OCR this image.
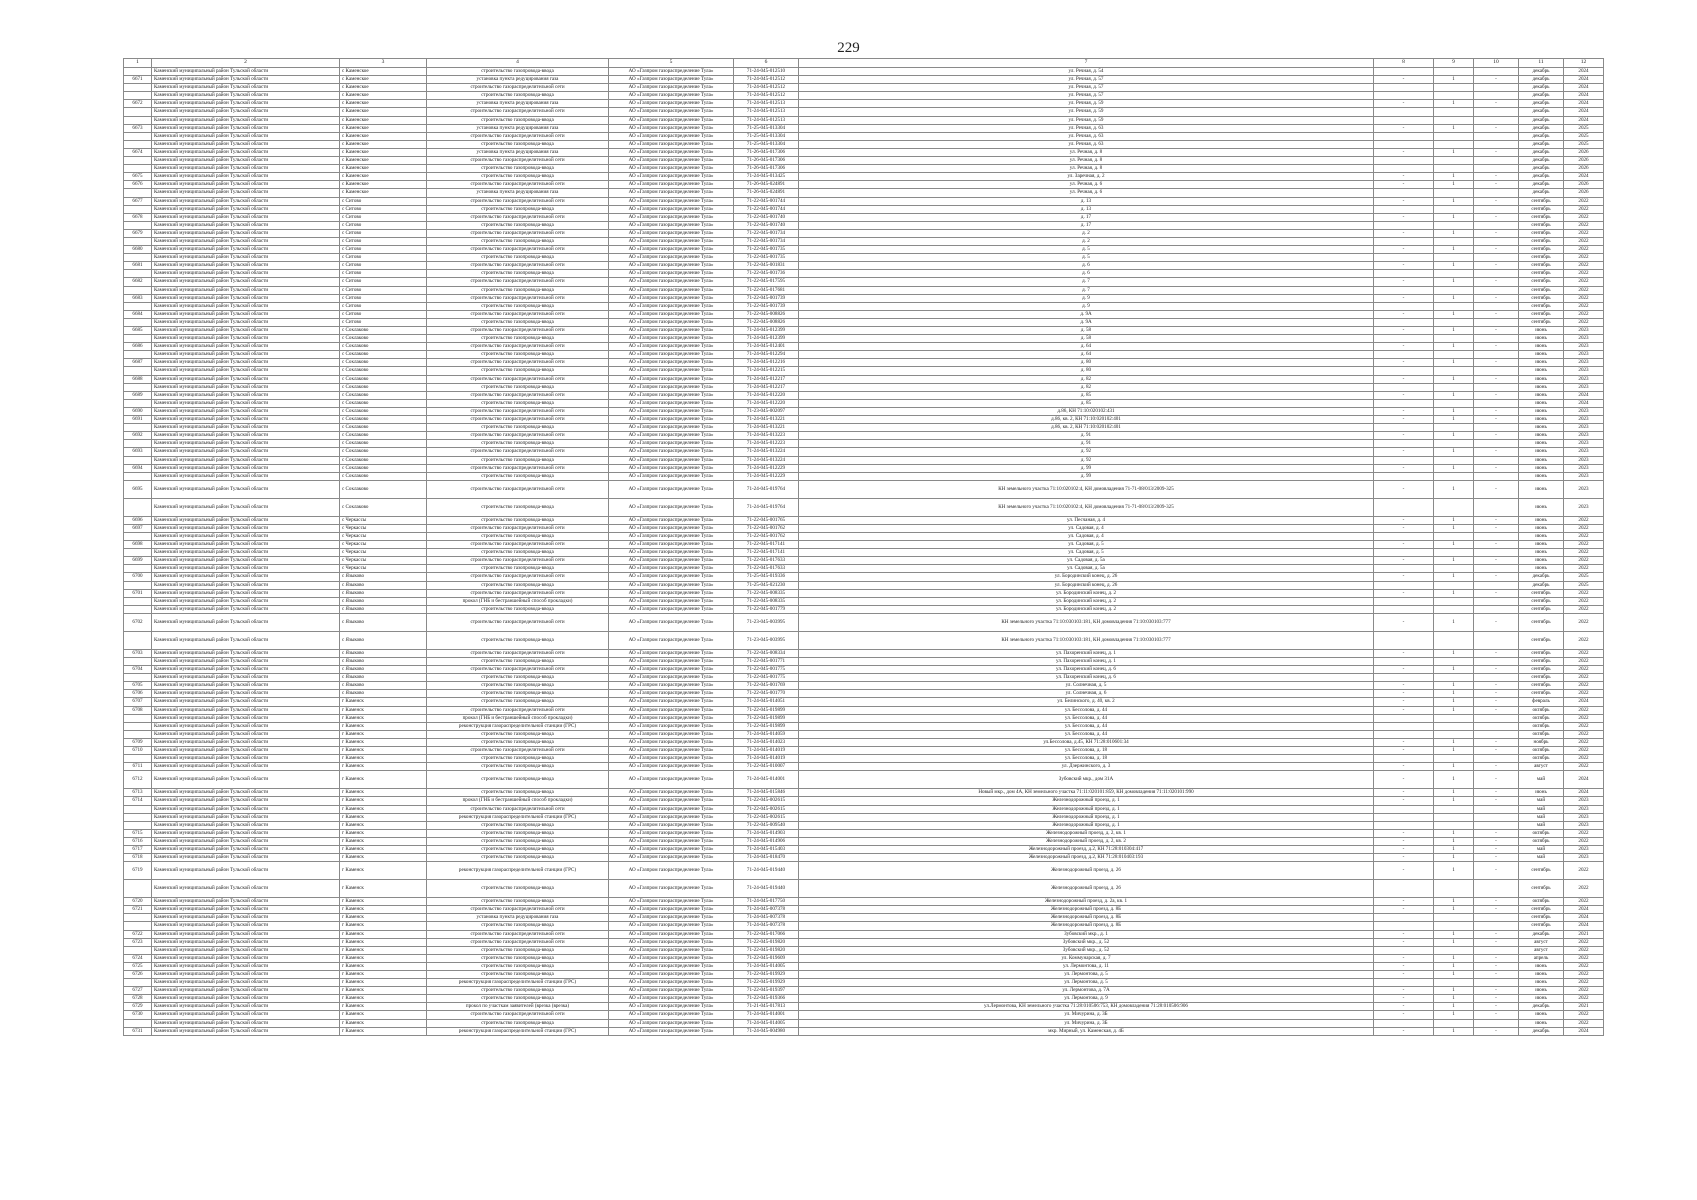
229
1	2	3	4	5	6	7	8	9	10	11	12
	Каменский муниципальный район Тульской области	с Каменское	строительство газопровода-ввода	АО «Газпром газораспределение Тула»	71-24-045-012510	ул. Речная, д. 54				декабрь	2024
6671	Каменский муниципальный район Тульской области	с Каменское	установка пункта редуцирования газа	АО «Газпром газораспределение Тула»	71-24-045-012512	ул. Речная, д. 57	-	1	-	декабрь	2024
	Каменский муниципальный район Тульской области	с Каменское	строительство газораспределительной сети	АО «Газпром газораспределение Тула»	71-24-045-012512	ул. Речная, д. 57				декабрь	2024
	Каменский муниципальный район Тульской области	с Каменское	строительство газопровода-ввода	АО «Газпром газораспределение Тула»	71-24-045-012512	ул. Речная, д. 57				декабрь	2024
6672	Каменский муниципальный район Тульской области	с Каменское	установка пункта редуцирования газа	АО «Газпром газораспределение Тула»	71-24-045-012513	ул. Речная, д. 59	-	1	-	декабрь	2024
	Каменский муниципальный район Тульской области	с Каменское	строительство газораспределительной сети	АО «Газпром газораспределение Тула»	71-24-045-012513	ул. Речная, д. 59				декабрь	2024
	Каменский муниципальный район Тульской области	с Каменское	строительство газопровода-ввода	АО «Газпром газораспределение Тула»	71-24-045-012513	ул. Речная, д. 59				декабрь	2024
6673	Каменский муниципальный район Тульской области	с Каменское	установка пункта редуцирования газа	АО «Газпром газораспределение Тула»	71-25-045-013304	ул. Речная, д. 63	-	1	-	декабрь	2025
	Каменский муниципальный район Тульской области	с Каменское	строительство газораспределительной сети	АО «Газпром газораспределение Тула»	71-25-045-013304	ул. Речная, д. 63				декабрь	2025
	Каменский муниципальный район Тульской области	с Каменское	строительство газопровода-ввода	АО «Газпром газораспределение Тула»	71-25-045-013304	ул. Речная, д. 63				декабрь	2025
6674	Каменский муниципальный район Тульской области	с Каменское	установка пункта редуцирования газа	АО «Газпром газораспределение Тула»	71-26-045-017306	ул. Речная, д. 8	-	1	-	декабрь	2026
	Каменский муниципальный район Тульской области	с Каменское	строительство газораспределительной сети	АО «Газпром газораспределение Тула»	71-26-045-017306	ул. Речная, д. 8				декабрь	2026
	Каменский муниципальный район Тульской области	с Каменское	строительство газопровода-ввода	АО «Газпром газораспределение Тула»	71-26-045-017306	ул. Речная, д. 8				декабрь	2026
6675	Каменский муниципальный район Тульской области	с Каменское	строительство газопровода-ввода	АО «Газпром газораспределение Тула»	71-24-045-013425	ул. Заречная, д. 2	-	1	-	декабрь	2024
6676	Каменский муниципальный район Тульской области	с Каменское	строительство газораспределительной сети	АО «Газпром газораспределение Тула»	71-26-045-024891	ул. Речная, д. 6	-	1	-	декабрь	2026
	Каменский муниципальный район Тульской области	с Каменское	установка пункта редуцирования газа	АО «Газпром газораспределение Тула»	71-26-045-024891	ул. Речная, д. 6				декабрь	2026
6677	Каменский муниципальный район Тульской области	с Ситово	строительство газораспределительной сети	АО «Газпром газораспределение Тула»	71-22-045-001744	д. 13	-	1	-	сентябрь	2022
	Каменский муниципальный район Тульской области	с Ситово	строительство газопровода-ввода	АО «Газпром газораспределение Тула»	71-22-045-001744	д. 13				сентябрь	2022
6678	Каменский муниципальный район Тульской области	с Ситово	строительство газораспределительной сети	АО «Газпром газораспределение Тула»	71-22-045-001740	д. 17	-	1	-	сентябрь	2022
	Каменский муниципальный район Тульской области	с Ситово	строительство газопровода-ввода	АО «Газпром газораспределение Тула»	71-22-045-001740	д. 17				сентябрь	2022
6679	Каменский муниципальный район Тульской области	с Ситово	строительство газораспределительной сети	АО «Газпром газораспределение Тула»	71-22-045-001734	д. 2	-	1	-	сентябрь	2022
	Каменский муниципальный район Тульской области	с Ситово	строительство газопровода-ввода	АО «Газпром газораспределение Тула»	71-22-045-001734	д. 2				сентябрь	2022
6680	Каменский муниципальный район Тульской области	с Ситово	строительство газораспределительной сети	АО «Газпром газораспределение Тула»	71-22-045-001735	д. 5	-	1	-	сентябрь	2022
	Каменский муниципальный район Тульской области	с Ситово	строительство газопровода-ввода	АО «Газпром газораспределение Тула»	71-22-045-001735	д. 5				сентябрь	2022
6681	Каменский муниципальный район Тульской области	с Ситово	строительство газораспределительной сети	АО «Газпром газораспределение Тула»	71-22-045-001831	д. 6	-	1	-	сентябрь	2022
	Каменский муниципальный район Тульской области	с Ситово	строительство газопровода-ввода	АО «Газпром газораспределение Тула»	71-22-045-001736	д. 6				сентябрь	2022
6682	Каменский муниципальный район Тульской области	с Ситово	строительство газораспределительной сети	АО «Газпром газораспределение Тула»	71-22-045-017595	д. 7	-	1	-	сентябрь	2022
	Каменский муниципальный район Тульской области	с Ситово	строительство газопровода-ввода	АО «Газпром газораспределение Тула»	71-22-045-017681	д. 7				сентябрь	2022
6683	Каменский муниципальный район Тульской области	с Ситово	строительство газораспределительной сети	АО «Газпром газораспределение Тула»	71-22-045-001739	д. 9	-	1	-	сентябрь	2022
	Каменский муниципальный район Тульской области	с Ситово	строительство газопровода-ввода	АО «Газпром газораспределение Тула»	71-22-045-001739	д. 9				сентябрь	2022
6684	Каменский муниципальный район Тульской области	с Ситово	строительство газораспределительной сети	АО «Газпром газораспределение Тула»	71-22-045-008826	д. 9А	-	1	-	сентябрь	2022
	Каменский муниципальный район Тульской области	с Ситово	строительство газопровода-ввода	АО «Газпром газораспределение Тула»	71-22-045-008826	д. 9А				сентябрь	2022
6685	Каменский муниципальный район Тульской области	с Соклаково	строительство газораспределительной сети	АО «Газпром газораспределение Тула»	71-24-045-012399	д. 58	-	1	-	июнь	2023
	Каменский муниципальный район Тульской области	с Соклаково	строительство газопровода-ввода	АО «Газпром газораспределение Тула»	71-24-045-012399	д. 58				июнь	2023
6686	Каменский муниципальный район Тульской области	с Соклаково	строительство газораспределительной сети	АО «Газпром газораспределение Тула»	71-24-045-012401	д. 64	-	1	-	июнь	2023
	Каменский муниципальный район Тульской области	с Соклаково	строительство газопровода-ввода	АО «Газпром газораспределение Тула»	71-24-045-012294	д. 64				июнь	2023
6687	Каменский муниципальный район Тульской области	с Соклаково	строительство газораспределительной сети	АО «Газпром газораспределение Тула»	71-24-045-012216	д. 80	-	1	-	июнь	2023
	Каменский муниципальный район Тульской области	с Соклаково	строительство газопровода-ввода	АО «Газпром газораспределение Тула»	71-24-045-012215	д. 80				июнь	2023
6688	Каменский муниципальный район Тульской области	с Соклаково	строительство газораспределительной сети	АО «Газпром газораспределение Тула»	71-24-045-012217	д. 82	-	1	-	июнь	2023
	Каменский муниципальный район Тульской области	с Соклаково	строительство газопровода-ввода	АО «Газпром газораспределение Тула»	71-24-045-012217	д. 82				июнь	2023
6689	Каменский муниципальный район Тульской области	с Соклаково	строительство газораспределительной сети	АО «Газпром газораспределение Тула»	71-24-045-012220	д. 85	-	1	-	июнь	2024
	Каменский муниципальный район Тульской области	с Соклаково	строительство газопровода-ввода	АО «Газпром газораспределение Тула»	71-24-045-012220	д. 85				июнь	2024
6690	Каменский муниципальный район Тульской области	с Соклаково	строительство газораспределительной сети	АО «Газпром газораспределение Тула»	71-23-045-002097	д.86, КН 71:10:020102:431	-	1	-	июнь	2023
6691	Каменский муниципальный район Тульской области	с Соклаково	строительство газораспределительной сети	АО «Газпром газораспределение Тула»	71-24-045-013221	д.86, кв. 2, КН 71:10:020102:401	-	1	-	июнь	2023
	Каменский муниципальный район Тульской области	с Соклаково	строительство газопровода-ввода	АО «Газпром газораспределение Тула»	71-24-045-013221	д.86, кв. 2, КН 71:10:020102:401				июнь	2023
6692	Каменский муниципальный район Тульской области	с Соклаково	строительство газораспределительной сети	АО «Газпром газораспределение Тула»	71-24-045-013223	д. 91	-	1	-	июнь	2023
	Каменский муниципальный район Тульской области	с Соклаково	строительство газопровода-ввода	АО «Газпром газораспределение Тула»	71-24-045-012223	д. 91				июнь	2023
6693	Каменский муниципальный район Тульской области	с Соклаково	строительство газораспределительной сети	АО «Газпром газораспределение Тула»	71-24-045-013224	д. 92	-	1	-	июнь	2023
	Каменский муниципальный район Тульской области	с Соклаково	строительство газопровода-ввода	АО «Газпром газораспределение Тула»	71-24-045-013224	д. 92				июнь	2023
6694	Каменский муниципальный район Тульской области	с Соклаково	строительство газораспределительной сети	АО «Газпром газораспределение Тула»	71-24-045-012229	д. 99	-	1	-	июнь	2023
	Каменский муниципальный район Тульской области	с Соклаково	строительство газопровода-ввода	АО «Газпром газораспределение Тула»	71-24-045-012229	д. 99				июнь	2023
6695	Каменский муниципальный район Тульской области	с Соклаково	строительство газораспределительной сети	АО «Газпром газораспределение Тула»	71-24-045-019764	КН земельного участка 71:10:020102:4, КН домовладения 71-71-08/013/2009-325	-	1	-	июнь	2023
	Каменский муниципальный район Тульской области	с Соклаково	строительство газопровода-ввода	АО «Газпром газораспределение Тула»	71-24-045-019764	КН земельного участка 71:10:020102:4, КН домовладения 71-71-08/013/2009-325				июнь	2023
6696	Каменский муниципальный район Тульской области	с Черкассы	строительство газопровода-ввода	АО «Газпром газораспределение Тула»	71-22-045-001765	ул. Песчаная, д. 4	-	1	-	июнь	2022
6697	Каменский муниципальный район Тульской области	с Черкассы	строительство газораспределительной сети	АО «Газпром газораспределение Тула»	71-22-045-001762	ул. Садовая, д. 4	-	1	-	июнь	2022
	Каменский муниципальный район Тульской области	с Черкассы	строительство газопровода-ввода	АО «Газпром газораспределение Тула»	71-22-045-001762	ул. Садовая, д. 4				июнь	2022
6698	Каменский муниципальный район Тульской области	с Черкассы	строительство газораспределительной сети	АО «Газпром газораспределение Тула»	71-22-045-017141	ул. Садовая, д. 5	-	1	-	июнь	2022
	Каменский муниципальный район Тульской области	с Черкассы	строительство газопровода-ввода	АО «Газпром газораспределение Тула»	71-22-045-017141	ул. Садовая, д. 5				июнь	2022
6699	Каменский муниципальный район Тульской области	с Черкассы	строительство газораспределительной сети	АО «Газпром газораспределение Тула»	71-22-045-017633	ул. Садовая, д. 5а	-	1	-	июнь	2022
	Каменский муниципальный район Тульской области	с Черкассы	строительство газопровода-ввода	АО «Газпром газораспределение Тула»	71-22-045-017633	ул. Садовая, д. 5а				июнь	2022
6700	Каменский муниципальный район Тульской области	с Языково	строительство газораспределительной сети	АО «Газпром газораспределение Тула»	71-25-045-019336	ул. Бородинский конец, д. 26	-	1	-	декабрь	2025
	Каменский муниципальный район Тульской области	с Языково	строительство газопровода-ввода	АО «Газпром газораспределение Тула»	71-25-045-021230	ул. Бородинский конец, д. 26				декабрь	2025
6701	Каменский муниципальный район Тульской области	с Языково	строительство газораспределительной сети	АО «Газпром газораспределение Тула»	71-22-045-008335	ул. Бородинский конец, д. 2	-	1	-	сентябрь	2022
	Каменский муниципальный район Тульской области	с Языково	прокол (ГНБ и бестраншейный способ прокладки)	АО «Газпром газораспределение Тула»	71-22-045-008335	ул. Бородинский конец, д. 2				сентябрь	2022
	Каменский муниципальный район Тульской области	с Языково	строительство газопровода-ввода	АО «Газпром газораспределение Тула»	71-22-045-001779	ул. Бородинский конец, д. 2				сентябрь	2022
6702	Каменский муниципальный район Тульской области	с Языково	строительство газораспределительной сети	АО «Газпром газораспределение Тула»	71-23-045-003995	КН земельного участка 71:10:030103:181, КН домовладения 71:10:030103:777	-	1	-	сентябрь	2022
	Каменский муниципальный район Тульской области	с Языково	строительство газопровода-ввода	АО «Газпром газораспределение Тула»	71-23-045-003995	КН земельного участка 71:10:030103:181, КН домовладения 71:10:030103:777				сентябрь	2022
6703	Каменский муниципальный район Тульской области	с Языково	строительство газораспределительной сети	АО «Газпром газораспределение Тула»	71-22-045-008334	ул. Пахоренский конец, д. 1	-	1	-	сентябрь	2022
	Каменский муниципальный район Тульской области	с Языково	строительство газопровода-ввода	АО «Газпром газораспределение Тула»	71-22-045-001771	ул. Пахоренский конец, д. 1				сентябрь	2022
6704	Каменский муниципальный район Тульской области	с Языково	строительство газораспределительной сети	АО «Газпром газораспределение Тула»	71-22-045-001775	ул. Пахоренский конец, д. 6	-	1	-	сентябрь	2022
	Каменский муниципальный район Тульской области	с Языково	строительство газопровода-ввода	АО «Газпром газораспределение Тула»	71-22-045-001775	ул. Пахоренский конец, д. 6				сентябрь	2022
6705	Каменский муниципальный район Тульской области	с Языково	строительство газопровода-ввода	АО «Газпром газораспределение Тула»	71-22-045-001769	ул. Солнечная, д. 5	-	1	-	сентябрь	2022
6706	Каменский муниципальный район Тульской области	с Языково	строительство газопровода-ввода	АО «Газпром газораспределение Тула»	71-22-045-001770	ул. Солнечная, д. 6	-	1	-	сентябрь	2022
6707	Каменский муниципальный район Тульской области	г Каменск	строительство газопровода-ввода	АО «Газпром газораспределение Тула»	71-24-045-014051	ул. Белинского, д. 40, кв. 2	-	1	-	февраль	2024
6708	Каменский муниципальный район Тульской области	г Каменск	строительство газораспределительной сети	АО «Газпром газораспределение Тула»	71-22-045-019899	ул. Бессолова, д. 44	-	1	-	октябрь	2022
	Каменский муниципальный район Тульской области	г Каменск	прокол (ГНБ и бестраншейный способ прокладки)	АО «Газпром газораспределение Тула»	71-22-045-019899	ул. Бессолова, д. 44				октябрь	2022
	Каменский муниципальный район Тульской области	г Каменск	реконструкция газораспределительной станции (ГРС)	АО «Газпром газораспределение Тула»	71-22-045-019899	ул. Бессолова, д. 44				октябрь	2022
	Каменский муниципальный район Тульской области	г Каменск	строительство газопровода-ввода	АО «Газпром газораспределение Тула»	71-24-045-014059	ул. Бессолова, д. 44				октябрь	2022
6709	Каменский муниципальный район Тульской области	г Каменск	строительство газопровода-ввода	АО «Газпром газораспределение Тула»	71-24-045-014023	ул.Бессолова, д.45, КН 71:28:010601:34	-	1	-	ноябрь	2022
6710	Каменский муниципальный район Тульской области	г Каменск	строительство газораспределительной сети	АО «Газпром газораспределение Тула»	71-24-045-014019	ул. Бессолова, д. 18	-	1	-	октябрь	2022
	Каменский муниципальный район Тульской области	г Каменск	строительство газопровода-ввода	АО «Газпром газораспределение Тула»	71-24-045-014019	ул. Бессолова, д. 18				октябрь	2022
6711	Каменский муниципальный район Тульской области	г Каменск	строительство газопровода-ввода	АО «Газпром газораспределение Тула»	71-22-045-010007	ул. Дзержинского, д. 3	-	1	-	август	2022
6712	Каменский муниципальный район Тульской области	г Каменск	строительство газопровода-ввода	АО «Газпром газораспределение Тула»	71-24-045-014001	Зубовский мкр., дом 31А	-	1	-	май	2024
6713	Каменский муниципальный район Тульской области	г Каменск	строительство газопровода-ввода	АО «Газпром газораспределение Тула»	71-24-045-015846	Новый мкр., дом 4А, КН земельного участка 71:11:020101:859, КН домовладения 71:11:020101:990	-	1	-	июнь	2024
6714	Каменский муниципальный район Тульской области	г Каменск	прокол (ГНБ и бестраншейный способ прокладки)	АО «Газпром газораспределение Тула»	71-22-045-002615	Железнодорожный проезд, д. 1	-	1	-	май	2023
	Каменский муниципальный район Тульской области	г Каменск	строительство газораспределительной сети	АО «Газпром газораспределение Тула»	71-22-045-002615	Железнодорожный проезд, д. 1				май	2023
	Каменский муниципальный район Тульской области	г Каменск	реконструкция газораспределительной станции (ГРС)	АО «Газпром газораспределение Тула»	71-22-045-002615	Железнодорожный проезд, д. 1				май	2023
	Каменский муниципальный район Тульской области	г Каменск	строительство газопровода-ввода	АО «Газпром газораспределение Тула»	71-22-045-009540	Железнодорожный проезд, д. 1				май	2023
6715	Каменский муниципальный район Тульской области	г Каменск	строительство газопровода-ввода	АО «Газпром газораспределение Тула»	71-24-045-014903	Железнодорожный проезд, д. 2, кв. 1	-	1	-	октябрь	2022
6716	Каменский муниципальный район Тульской области	г Каменск	строительство газопровода-ввода	АО «Газпром газораспределение Тула»	71-24-045-014906	Железнодорожный проезд, д. 2, кв. 2	-	1	-	октябрь	2022
6717	Каменский муниципальный район Тульской области	г Каменск	строительство газопровода-ввода	АО «Газпром газораспределение Тула»	71-24-045-015403	Железнодорожный проезд, д.2, КН 71:28:010304:417	-	1	-	май	2023
6718	Каменский муниципальный район Тульской области	г Каменск	строительство газопровода-ввода	АО «Газпром газораспределение Тула»	71-24-045-018470	Железнодорожный проезд, д.2, КН 71:28:010403:193	-	1	-	май	2023
6719	Каменский муниципальный район Тульской области	г Каменск	реконструкция газораспределительной станции (ГРС)	АО «Газпром газораспределение Тула»	71-24-045-019440	Железнодорожный проезд, д. 26	-	1	-	сентябрь	2022
	Каменский муниципальный район Тульской области	г Каменск	строительство газопровода-ввода	АО «Газпром газораспределение Тула»	71-24-045-019440	Железнодорожный проезд, д. 26				сентябрь	2022
6720	Каменский муниципальный район Тульской области	г Каменск	строительство газопровода-ввода	АО «Газпром газораспределение Тула»	71-24-045-017750	Железнодорожный проезд, д. 2а, кв. 1	-	1	-	октябрь	2022
6721	Каменский муниципальный район Тульской области	г Каменск	строительство газораспределительной сети	АО «Газпром газораспределение Тула»	71-24-045-007378	Железнодорожный проезд, д. 8Б	-	1	-	сентябрь	2024
	Каменский муниципальный район Тульской области	г Каменск	установка пункта редуцирования газа	АО «Газпром газораспределение Тула»	71-24-045-007378	Железнодорожный проезд, д. 8Б				сентябрь	2024
	Каменский муниципальный район Тульской области	г Каменск	строительство газопровода-ввода	АО «Газпром газораспределение Тула»	71-24-045-007378	Железнодорожный проезд, д. 8Б				сентябрь	2024
6722	Каменский муниципальный район Тульской области	г Каменск	строительство газораспределительной сети	АО «Газпром газораспределение Тула»	71-22-045-017066	Зубовский мкр., д. 1	-	1	-	декабрь	2021
6723	Каменский муниципальный район Тульской области	г Каменск	строительство газораспределительной сети	АО «Газпром газораспределение Тула»	71-22-045-019820	Зубовский мкр., д. 52	-	1	-	август	2022
	Каменский муниципальный район Тульской области	г Каменск	строительство газопровода-ввода	АО «Газпром газораспределение Тула»	71-22-045-019820	Зубовский мкр., д. 52				август	2022
6724	Каменский муниципальный район Тульской области	г Каменск	строительство газопровода-ввода	АО «Газпром газораспределение Тула»	71-22-045-019609	ул. Коммунарская, д. 7	-	1	-	апрель	2022
6725	Каменский муниципальный район Тульской области	г Каменск	строительство газопровода-ввода	АО «Газпром газораспределение Тула»	71-24-045-014005	ул. Лермонтова, д. 11	-	1	-	июнь	2022
6726	Каменский муниципальный район Тульской области	г Каменск	строительство газопровода-ввода	АО «Газпром газораспределение Тула»	71-22-045-019929	ул. Лермонтова, д. 5	-	1	-	июнь	2022
	Каменский муниципальный район Тульской области	г Каменск	реконструкция газораспределительной станции (ГРС)	АО «Газпром газораспределение Тула»	71-22-045-019929	ул. Лермонтова, д. 5				июнь	2022
6727	Каменский муниципальный район Тульской области	г Каменск	строительство газопровода-ввода	АО «Газпром газораспределение Тула»	71-22-045-019397	ул. Лермонтова, д. 7А	-	1	-	июнь	2022
6728	Каменский муниципальный район Тульской области	г Каменск	строительство газопровода-ввода	АО «Газпром газораспределение Тула»	71-22-045-019366	ул. Лермонтова, д. 9	-	1	-	июнь	2022
6729	Каменский муниципальный район Тульской области	г Каменск	прокол по участкам заявителей (врезка (врезка)	АО «Газпром газораспределение Тула»	71-21-045-017813	ул.Лермонтова, КН земельного участка 71:28:010506:753, КН домовладения 71:28:010506:906	-	1	-	декабрь	2021
6730	Каменский муниципальный район Тульской области	г Каменск	строительство газораспределительной сети	АО «Газпром газораспределение Тула»	71-24-045-014001	ул. Мичурина, д. 3Б	-	1	-	июнь	2022
	Каменский муниципальный район Тульской области	г Каменск	строительство газопровода-ввода	АО «Газпром газораспределение Тула»	71-24-045-014005	ул. Мичурина, д. 3Б				июнь	2022
6731	Каменский муниципальный район Тульской области	г Каменск	реконструкция газораспределительной станции (ГРС)	АО «Газпром газораспределение Тула»	71-24-045-004980	мкр. Мирный, ул. Каменская, д. 4Б	-	1	-	декабрь	2024
